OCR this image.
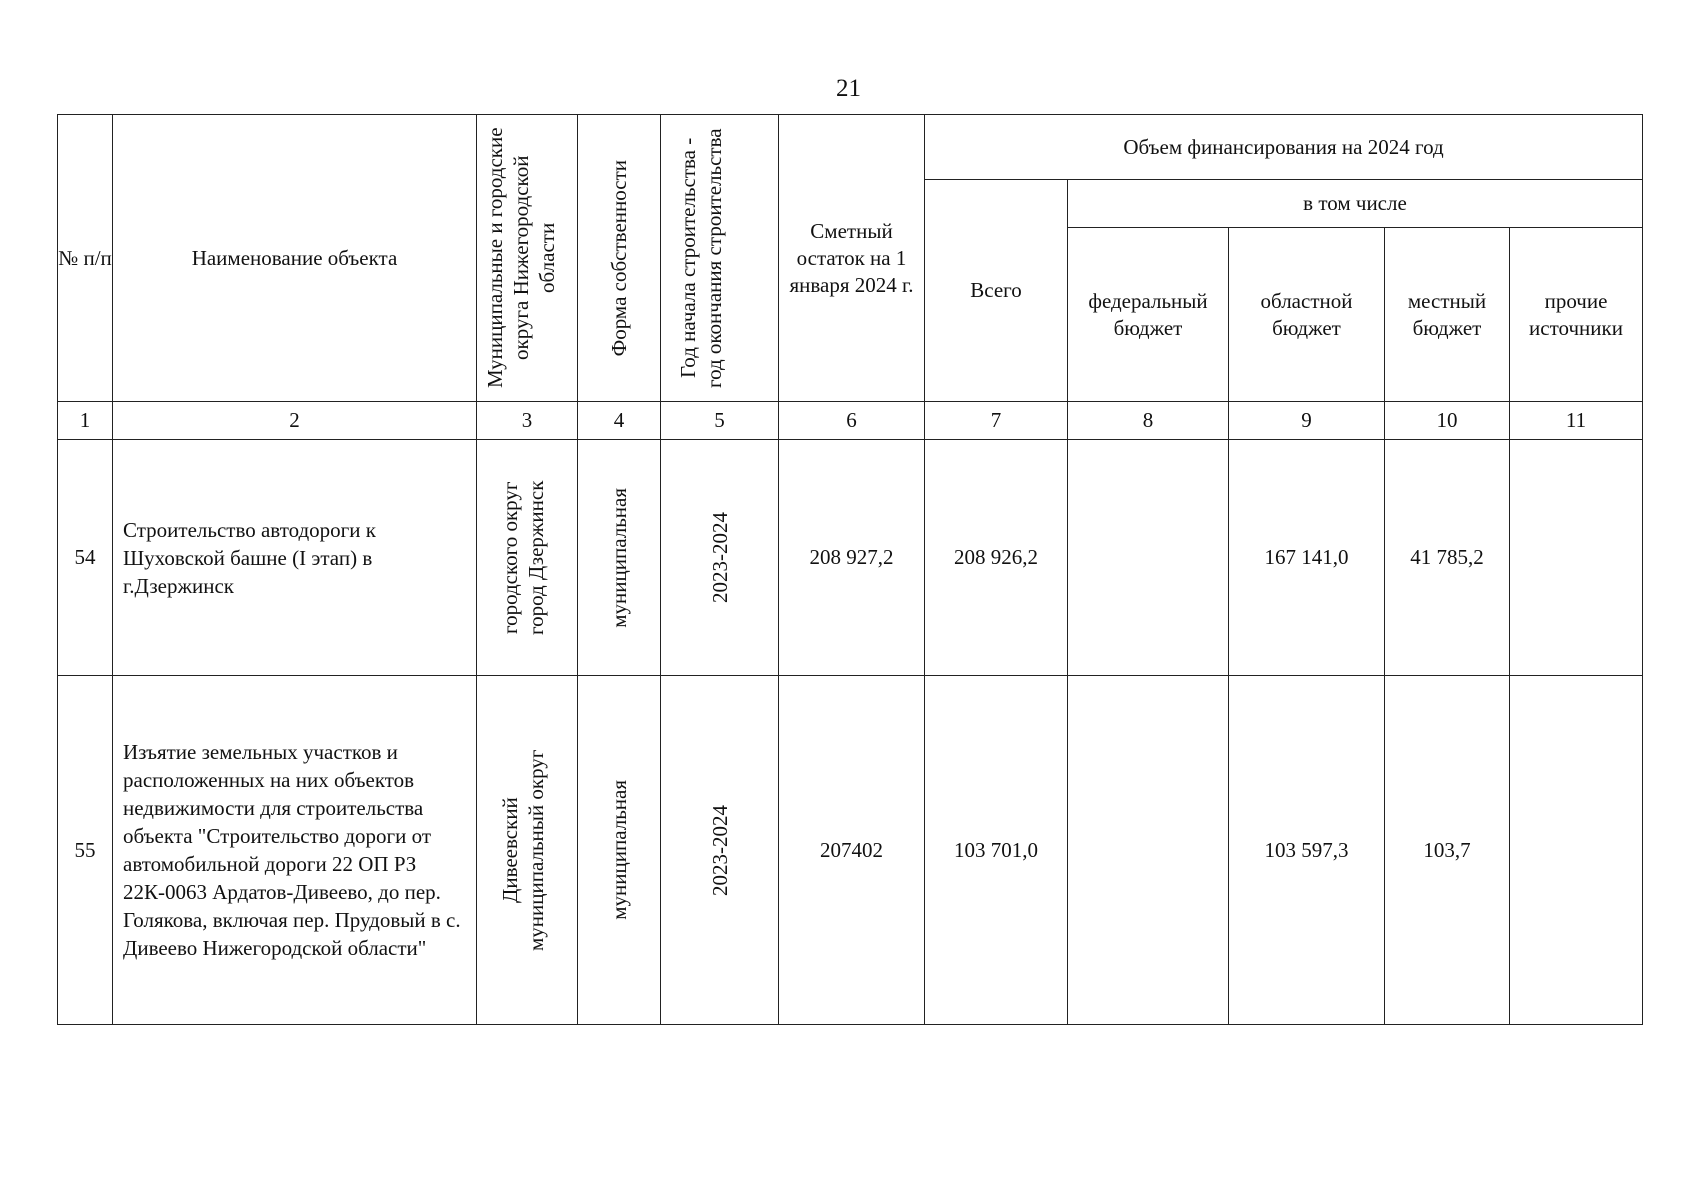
21
№ п/п	Наименование объекта	Муниципальные и городские округа Нижегородской области	Форма собственности	Год начала строительства - год окончания строительства	Сметный остаток на 1 января 2024 г.	Объем финансирования на 2024 год				

						Всего	в том числе			

							федеральный бюджет	областной бюджет	местный бюджет	прочие источники

1	2	3	4	5	6	7	8	9	10	11
54	Строительство автодороги к Шуховской башне (I этап) в г.Дзержинск	городского округ город Дзержинск	муниципальная	2023-2024	208 927,2	208 926,2		167 141,0	41 785,2	
55	Изъятие земельных участков и расположенных на них объектов недвижимости для строительства объекта "Строительство дороги от автомобильной дороги 22 ОП РЗ 22К-0063 Ардатов-Дивеево, до пер. Голякова, включая пер. Прудовый в с. Дивеево Нижегородской области"	Дивеевский муниципальный округ	муниципальная	2023-2024	207402	103 701,0		103 597,3	103,7	
